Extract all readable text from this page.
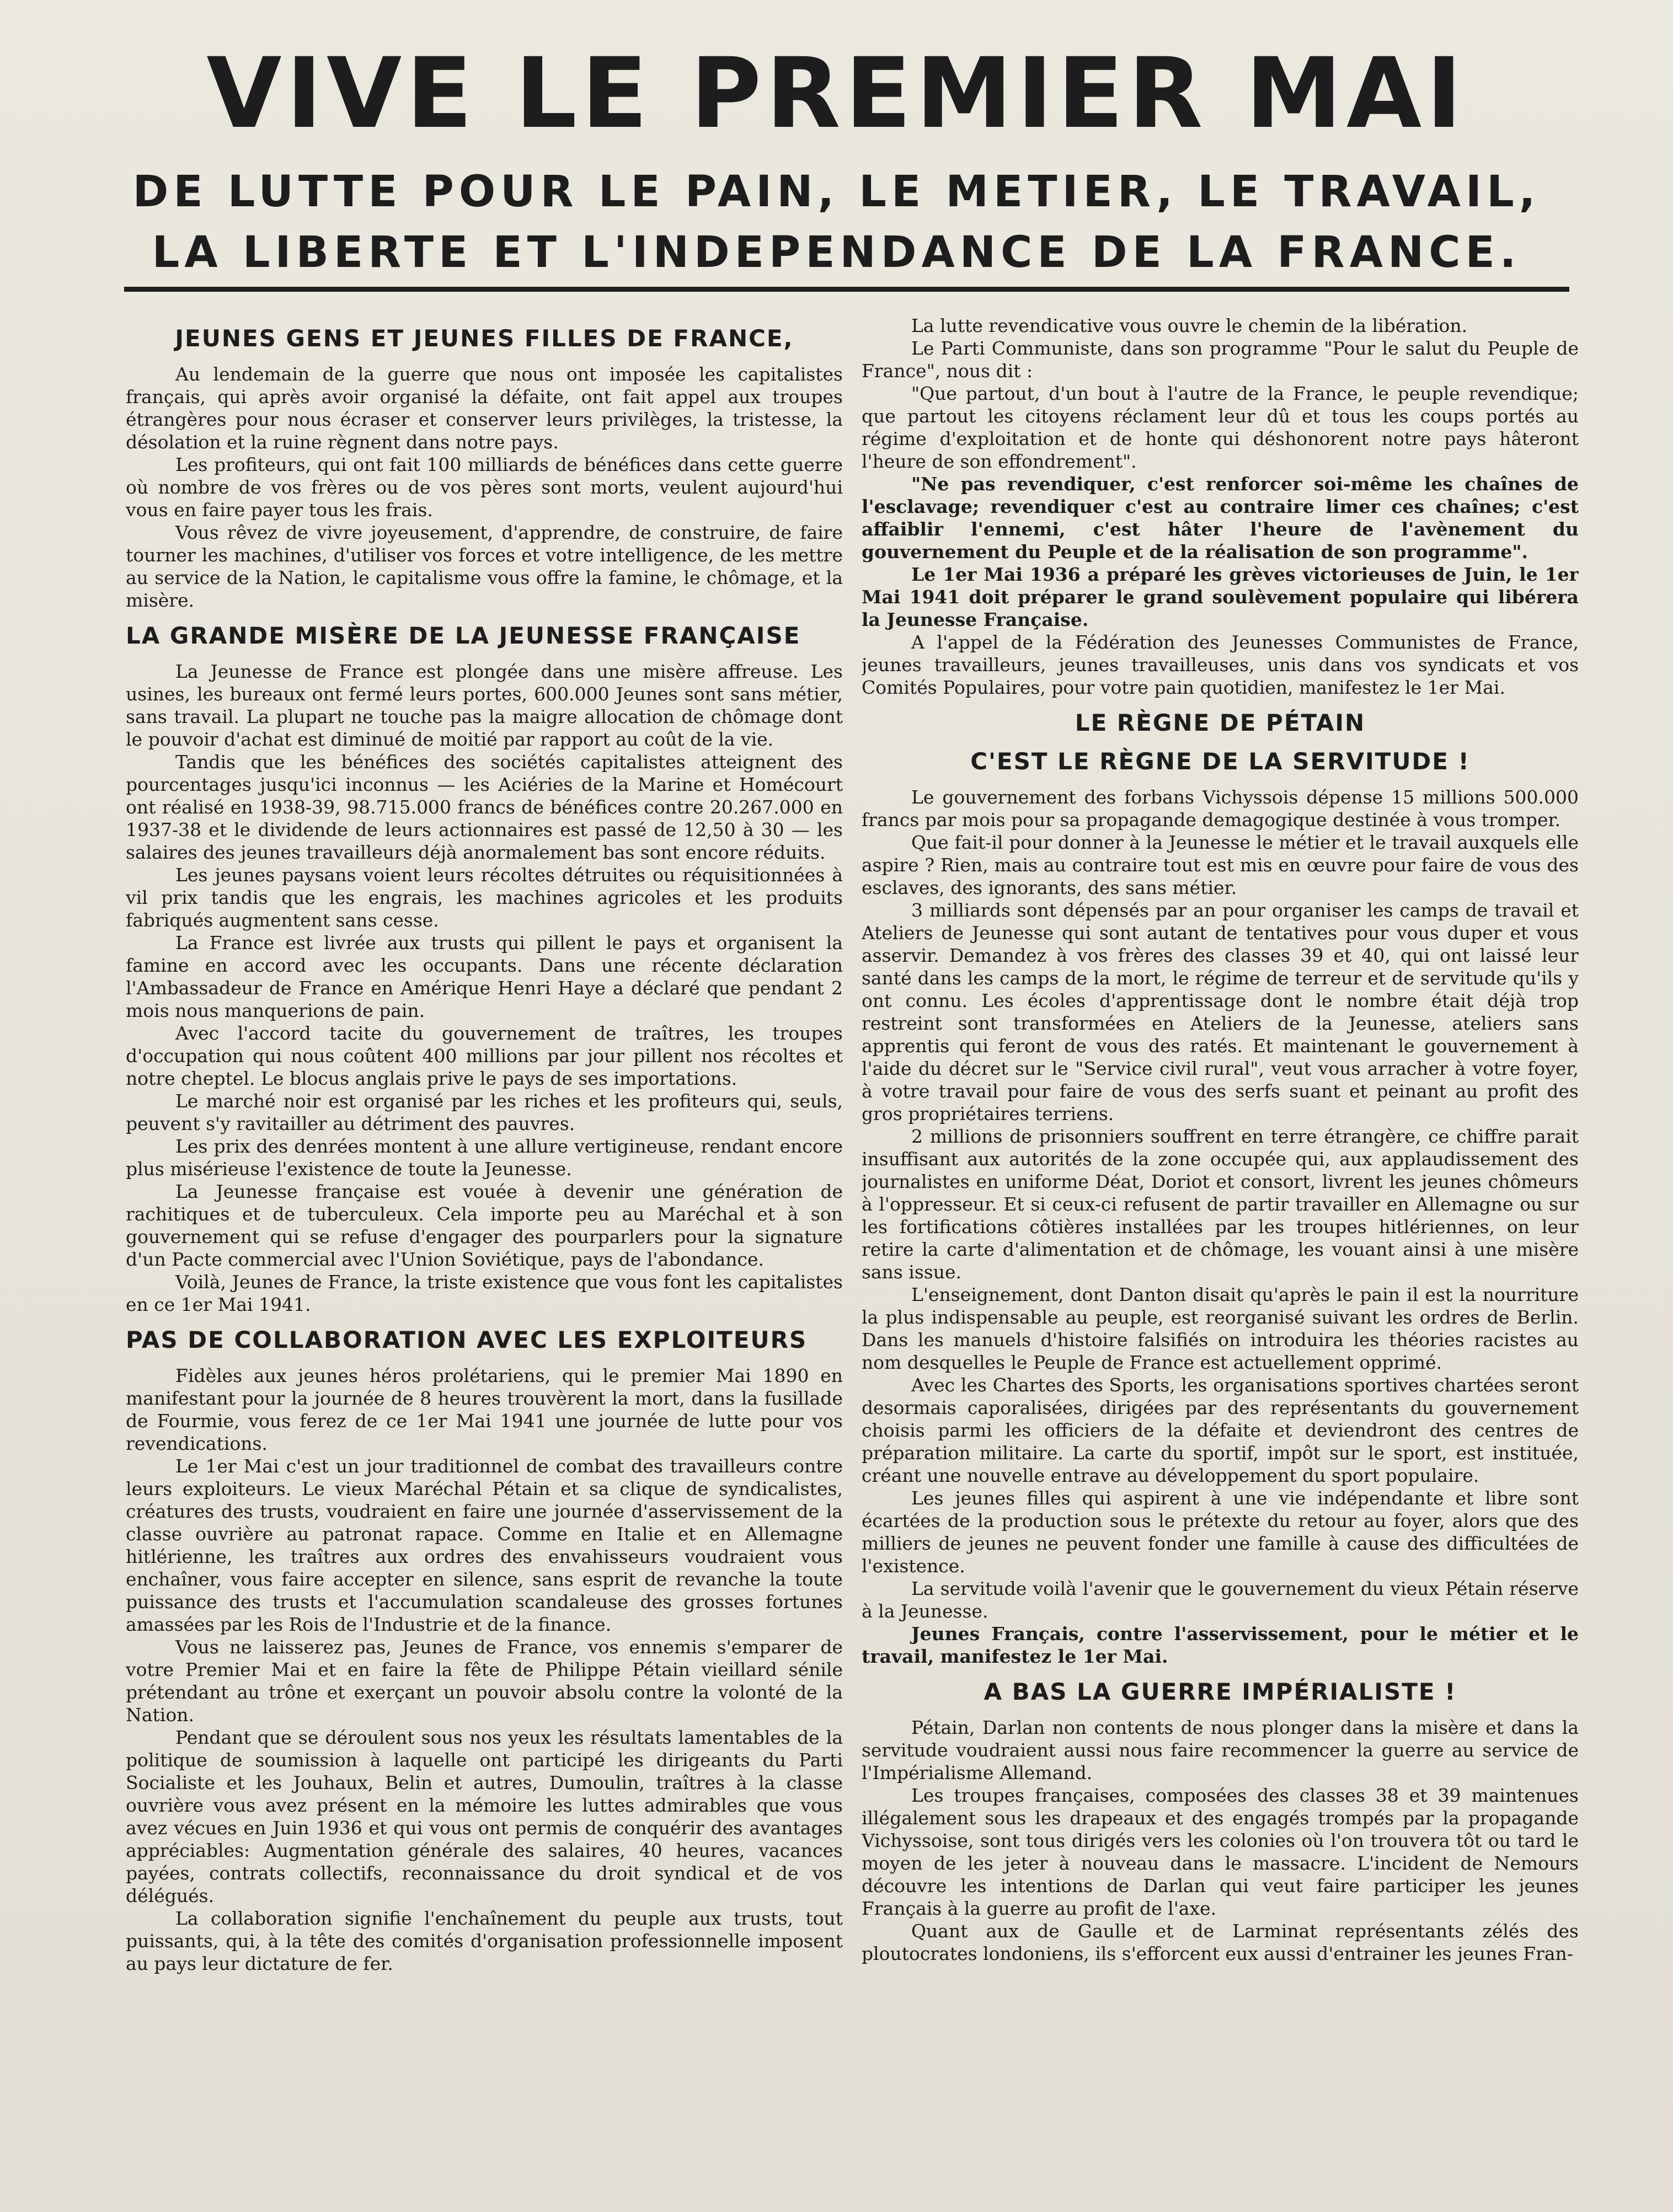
VIVE LE PREMIER MAI
DE LUTTE POUR LE PAIN, LE METIER, LE TRAVAIL,
LA LIBERTE ET L'INDEPENDANCE DE LA FRANCE.
JEUNES GENS ET JEUNES FILLES DE FRANCE,

Au lendemain de la guerre que nous ont imposée les capitalistes français, qui après avoir organisé la défaite, ont fait appel aux troupes étrangères pour nous écraser et conserver leurs privilèges, la tristesse, la désolation et la ruine règnent dans notre pays.

Les profiteurs, qui ont fait 100 milliards de bénéfices dans cette guerre où nombre de vos frères ou de vos pères sont morts, veulent aujourd'hui vous en faire payer tous les frais.

Vous rêvez de vivre joyeusement, d'apprendre, de construire, de faire tourner les machines, d'utiliser vos forces et votre intelligence, de les mettre au service de la Nation, le capitalisme vous offre la famine, le chômage, et la misère.

LA GRANDE MISÈRE DE LA JEUNESSE FRANÇAISE

La Jeunesse de France est plongée dans une misère affreuse. Les usines, les bureaux ont fermé leurs portes, 600.000 Jeunes sont sans métier, sans travail. La plupart ne touche pas la maigre allocation de chômage dont le pouvoir d'achat est diminué de moitié par rapport au coût de la vie.

Tandis que les bénéfices des sociétés capitalistes atteignent des pourcentages jusqu'ici inconnus — les Aciéries de la Marine et Homécourt ont réalisé en 1938-39, 98.715.000 francs de bénéfices contre 20.267.000 en 1937-38 et le dividende de leurs actionnaires est passé de 12,50 à 30 — les salaires des jeunes travailleurs déjà anormalement bas sont encore réduits.

Les jeunes paysans voient leurs récoltes détruites ou réquisitionnées à vil prix tandis que les engrais, les machines agricoles et les produits fabriqués augmentent sans cesse.

La France est livrée aux trusts qui pillent le pays et organisent la famine en accord avec les occupants. Dans une récente déclaration l'Ambassadeur de France en Amérique Henri Haye a déclaré que pendant 2 mois nous manquerions de pain.

Avec l'accord tacite du gouvernement de traîtres, les troupes d'occupation qui nous coûtent 400 millions par jour pillent nos récoltes et notre cheptel. Le blocus anglais prive le pays de ses importations.

Le marché noir est organisé par les riches et les profiteurs qui, seuls, peuvent s'y ravitailler au détriment des pauvres.

Les prix des denrées montent à une allure vertigineuse, rendant encore plus misérieuse l'existence de toute la Jeunesse.

La Jeunesse française est vouée à devenir une génération de rachitiques et de tuberculeux. Cela importe peu au Maréchal et à son gouvernement qui se refuse d'engager des pourparlers pour la signature d'un Pacte commercial avec l'Union Soviétique, pays de l'abondance.

Voilà, Jeunes de France, la triste existence que vous font les capitalistes en ce 1er Mai 1941.

PAS DE COLLABORATION AVEC LES EXPLOITEURS

Fidèles aux jeunes héros prolétariens, qui le premier Mai 1890 en manifestant pour la journée de 8 heures trouvèrent la mort, dans la fusillade de Fourmie, vous ferez de ce 1er Mai 1941 une journée de lutte pour vos revendications.

Le 1er Mai c'est un jour traditionnel de combat des travailleurs contre leurs exploiteurs. Le vieux Maréchal Pétain et sa clique de syndicalistes, créatures des trusts, voudraient en faire une journée d'asservissement de la classe ouvrière au patronat rapace. Comme en Italie et en Allemagne hitlérienne, les traîtres aux ordres des envahisseurs voudraient vous enchaîner, vous faire accepter en silence, sans esprit de revanche la toute puissance des trusts et l'accumulation scandaleuse des grosses fortunes amassées par les Rois de l'Industrie et de la finance.

Vous ne laisserez pas, Jeunes de France, vos ennemis s'emparer de votre Premier Mai et en faire la fête de Philippe Pétain vieillard sénile prétendant au trône et exerçant un pouvoir absolu contre la volonté de la Nation.

Pendant que se déroulent sous nos yeux les résultats lamentables de la politique de soumission à laquelle ont participé les dirigeants du Parti Socialiste et les Jouhaux, Belin et autres, Dumoulin, traîtres à la classe ouvrière vous avez présent en la mémoire les luttes admirables que vous avez vécues en Juin 1936 et qui vous ont permis de conquérir des avantages appréciables: Augmentation générale des salaires, 40 heures, vacances payées, contrats collectifs, reconnaissance du droit syndical et de vos délégués.

La collaboration signifie l'enchaînement du peuple aux trusts, tout puissants, qui, à la tête des comités d'organisation professionnelle imposent au pays leur dictature de fer.

La lutte revendicative vous ouvre le chemin de la libération.

Le Parti Communiste, dans son programme "Pour le salut du Peuple de France", nous dit :

"Que partout, d'un bout à l'autre de la France, le peuple revendique; que partout les citoyens réclament leur dû et tous les coups portés au régime d'exploitation et de honte qui déshonorent notre pays hâteront l'heure de son effondrement".

"Ne pas revendiquer, c'est renforcer soi-même les chaînes de l'esclavage; revendiquer c'est au contraire limer ces chaînes; c'est affaiblir l'ennemi, c'est hâter l'heure de l'avènement du gouvernement du Peuple et de la réalisation de son programme".

Le 1er Mai 1936 a préparé les grèves victorieuses de Juin, le 1er Mai 1941 doit préparer le grand soulèvement populaire qui libérera la Jeunesse Française.

A l'appel de la Fédération des Jeunesses Communistes de France, jeunes travailleurs, jeunes travailleuses, unis dans vos syndicats et vos Comités Populaires, pour votre pain quotidien, manifestez le 1er Mai.

LE RÈGNE DE PÉTAIN
C'EST LE RÈGNE DE LA SERVITUDE !

Le gouvernement des forbans Vichyssois dépense 15 millions 500.000 francs par mois pour sa propagande demagogique destinée à vous tromper.

Que fait-il pour donner à la Jeunesse le métier et le travail auxquels elle aspire ? Rien, mais au contraire tout est mis en œuvre pour faire de vous des esclaves, des ignorants, des sans métier.

3 milliards sont dépensés par an pour organiser les camps de travail et Ateliers de Jeunesse qui sont autant de tentatives pour vous duper et vous asservir. Demandez à vos frères des classes 39 et 40, qui ont laissé leur santé dans les camps de la mort, le régime de terreur et de servitude qu'ils y ont connu. Les écoles d'apprentissage dont le nombre était déjà trop restreint sont transformées en Ateliers de la Jeunesse, ateliers sans apprentis qui feront de vous des ratés. Et maintenant le gouvernement à l'aide du décret sur le "Service civil rural", veut vous arracher à votre foyer, à votre travail pour faire de vous des serfs suant et peinant au profit des gros propriétaires terriens.

2 millions de prisonniers souffrent en terre étrangère, ce chiffre parait insuffisant aux autorités de la zone occupée qui, aux applaudissement des journalistes en uniforme Déat, Doriot et consort, livrent les jeunes chômeurs à l'oppresseur. Et si ceux-ci refusent de partir travailler en Allemagne ou sur les fortifications côtières installées par les troupes hitlériennes, on leur retire la carte d'alimentation et de chômage, les vouant ainsi à une misère sans issue.

L'enseignement, dont Danton disait qu'après le pain il est la nourriture la plus indispensable au peuple, est reorganisé suivant les ordres de Berlin. Dans les manuels d'histoire falsifiés on introduira les théories racistes au nom desquelles le Peuple de France est actuellement opprimé.

Avec les Chartes des Sports, les organisations sportives chartées seront desormais caporalisées, dirigées par des représentants du gouvernement choisis parmi les officiers de la défaite et deviendront des centres de préparation militaire. La carte du sportif, impôt sur le sport, est instituée, créant une nouvelle entrave au développement du sport populaire.

Les jeunes filles qui aspirent à une vie indépendante et libre sont écartées de la production sous le prétexte du retour au foyer, alors que des milliers de jeunes ne peuvent fonder une famille à cause des difficultées de l'existence.

La servitude voilà l'avenir que le gouvernement du vieux Pétain réserve à la Jeunesse.

Jeunes Français, contre l'asservissement, pour le métier et le travail, manifestez le 1er Mai.

A BAS LA GUERRE IMPÉRIALISTE !

Pétain, Darlan non contents de nous plonger dans la misère et dans la servitude voudraient aussi nous faire recommencer la guerre au service de l'Impérialisme Allemand.

Les troupes françaises, composées des classes 38 et 39 maintenues illégalement sous les drapeaux et des engagés trompés par la propagande Vichyssoise, sont tous dirigés vers les colonies où l'on trouvera tôt ou tard le moyen de les jeter à nouveau dans le massacre. L'incident de Nemours découvre les intentions de Darlan qui veut faire participer les jeunes Français à la guerre au profit de l'axe.

Quant aux de Gaulle et de Larminat représentants zélés des ploutocrates londoniens, ils s'efforcent eux aussi d'entrainer les jeunes Fran-
